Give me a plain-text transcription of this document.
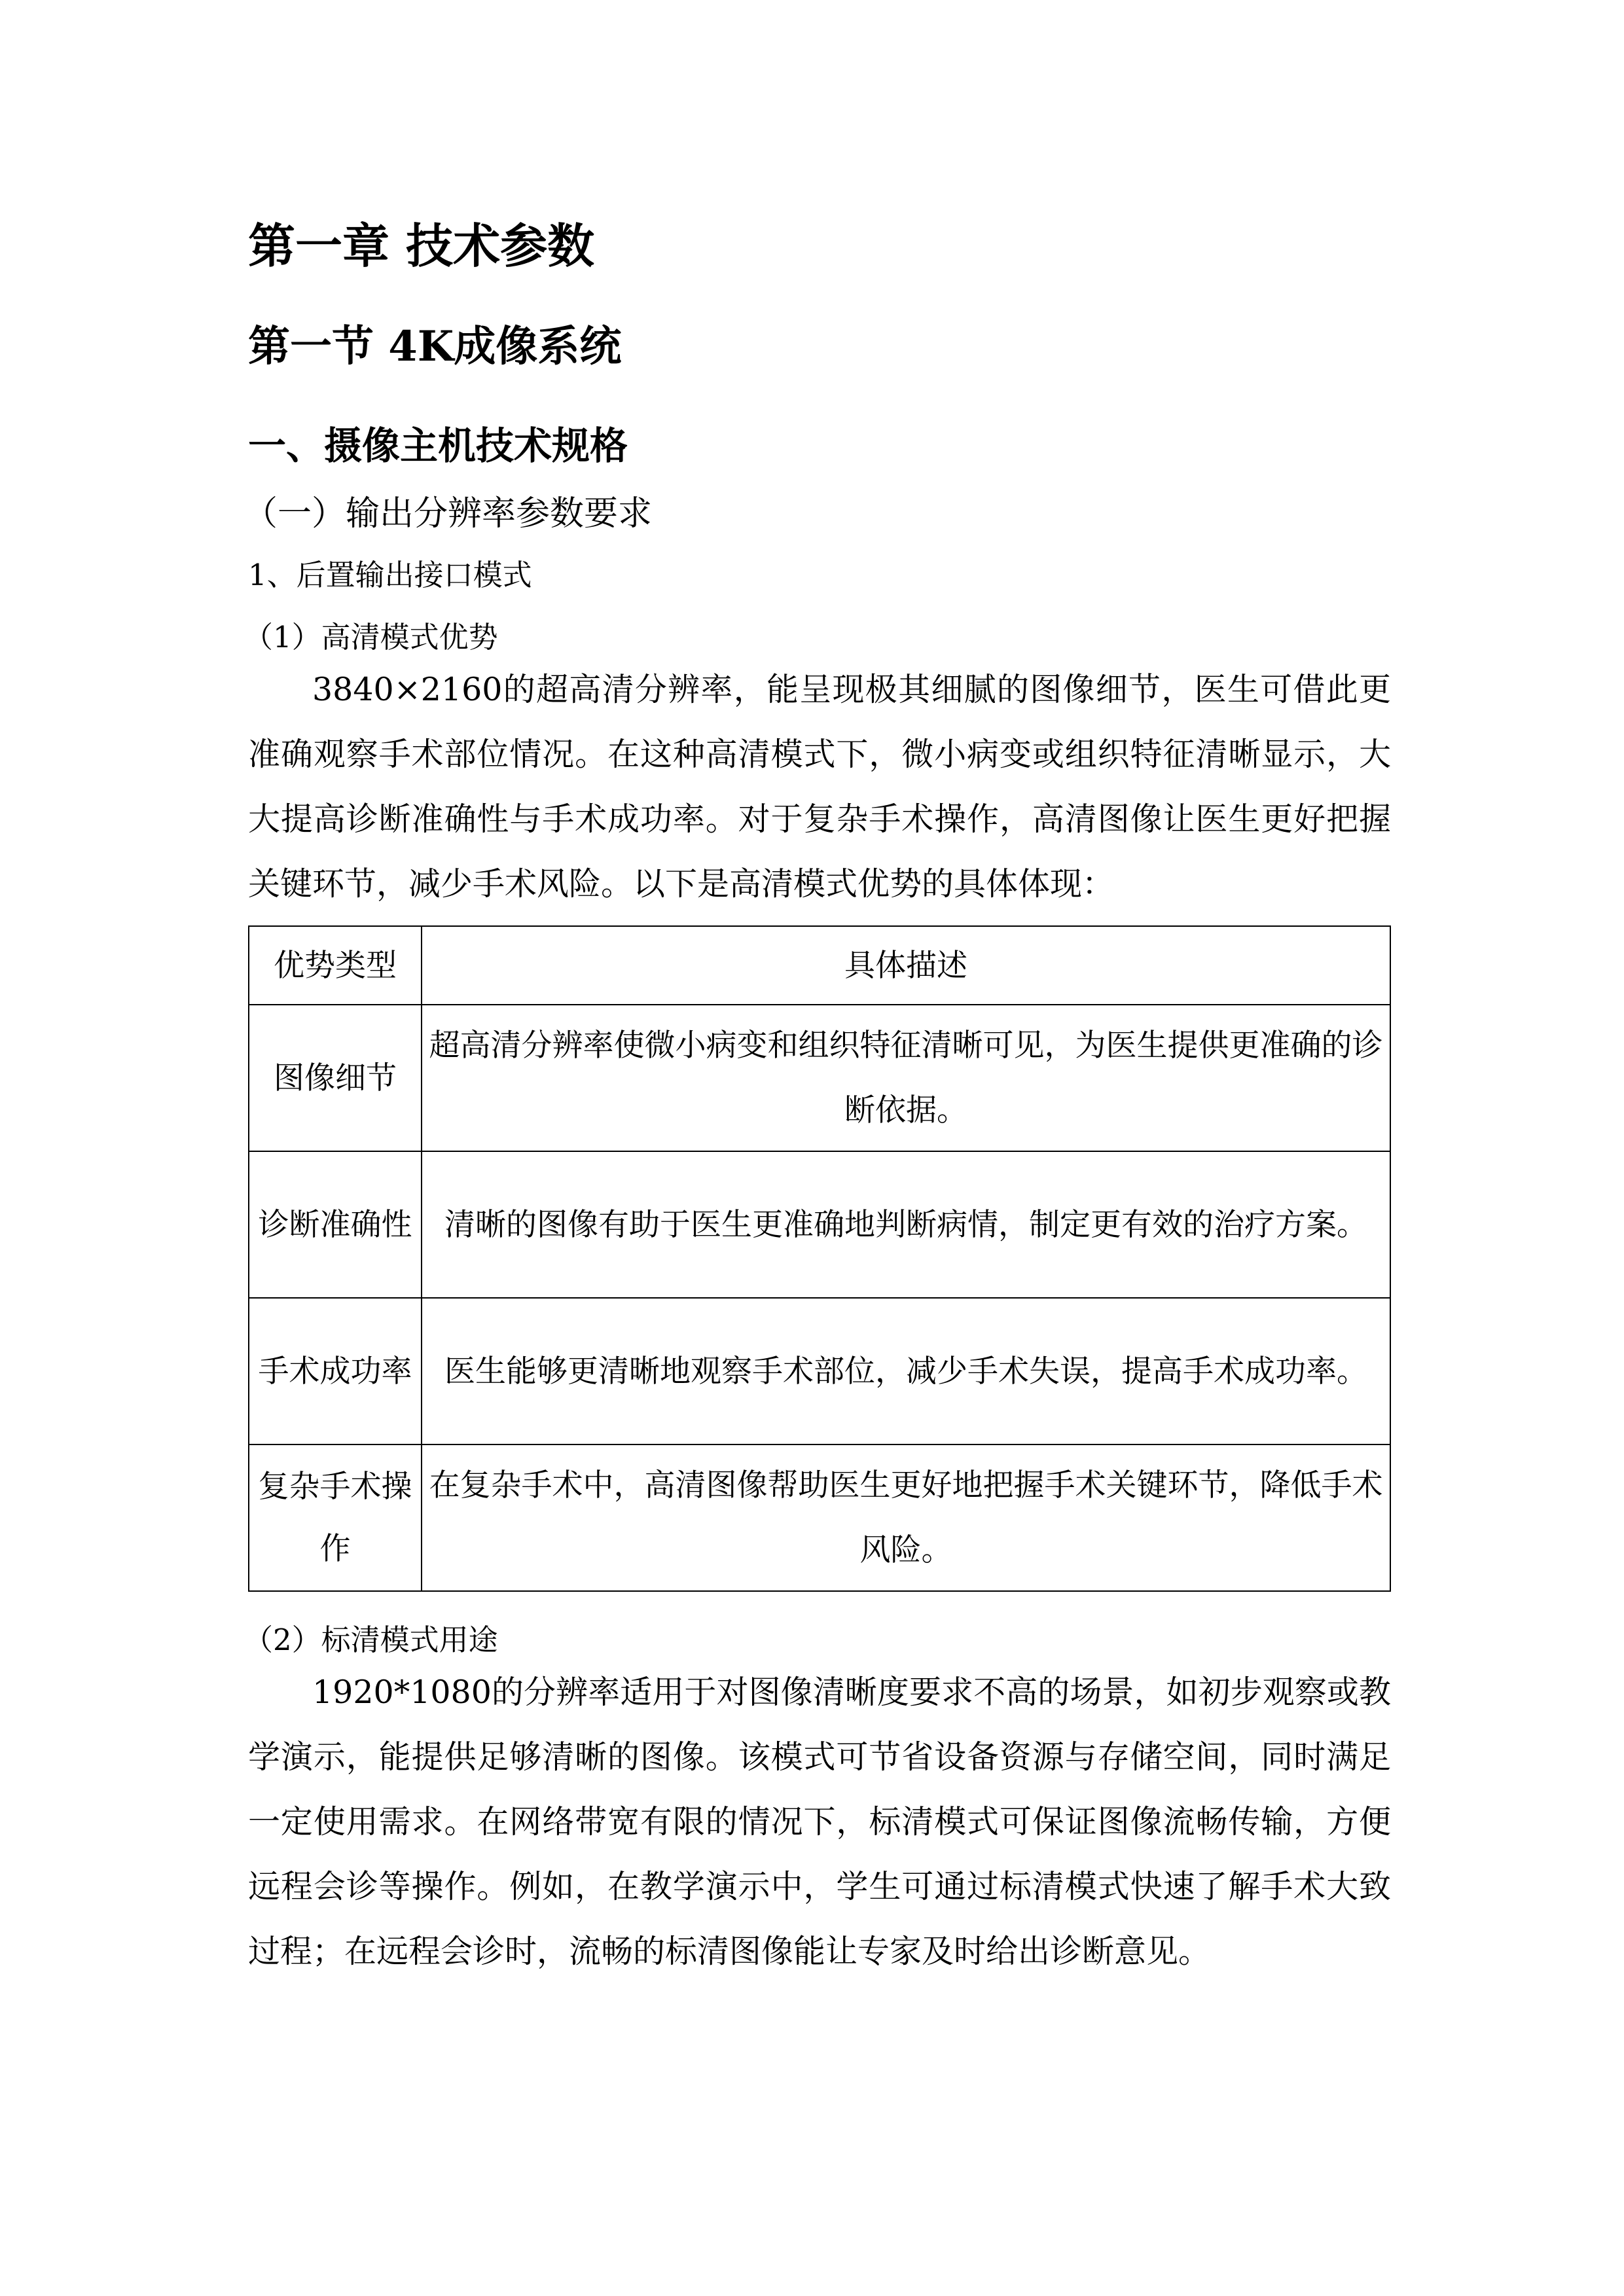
第一章 技术参数
第一节 4K成像系统
一、摄像主机技术规格
（一）输出分辨率参数要求
1、后置输出接口模式
（1）高清模式优势
3840×2160的超高清分辨率，能呈现极其细腻的图像细节，医生可借此更准确观察手术部位情况。在这种高清模式下，微小病变或组织特征清晰显示，大大提高诊断准确性与手术成功率。对于复杂手术操作，高清图像让医生更好把握关键环节，减少手术风险。以下是高清模式优势的具体体现：
优势类型	具体描述
图像细节	超高清分辨率使微小病变和组织特征清晰可见，为医生提供更准确的诊断依据。
诊断准确性	清晰的图像有助于医生更准确地判断病情，制定更有效的治疗方案。
手术成功率	医生能够更清晰地观察手术部位，减少手术失误，提高手术成功率。
复杂手术操作	在复杂手术中，高清图像帮助医生更好地把握手术关键环节，降低手术风险。
（2）标清模式用途
1920*1080的分辨率适用于对图像清晰度要求不高的场景，如初步观察或教学演示，能提供足够清晰的图像。该模式可节省设备资源与存储空间，同时满足一定使用需求。在网络带宽有限的情况下，标清模式可保证图像流畅传输，方便远程会诊等操作。例如，在教学演示中，学生可通过标清模式快速了解手术大致过程；在远程会诊时，流畅的标清图像能让专家及时给出诊断意见。
